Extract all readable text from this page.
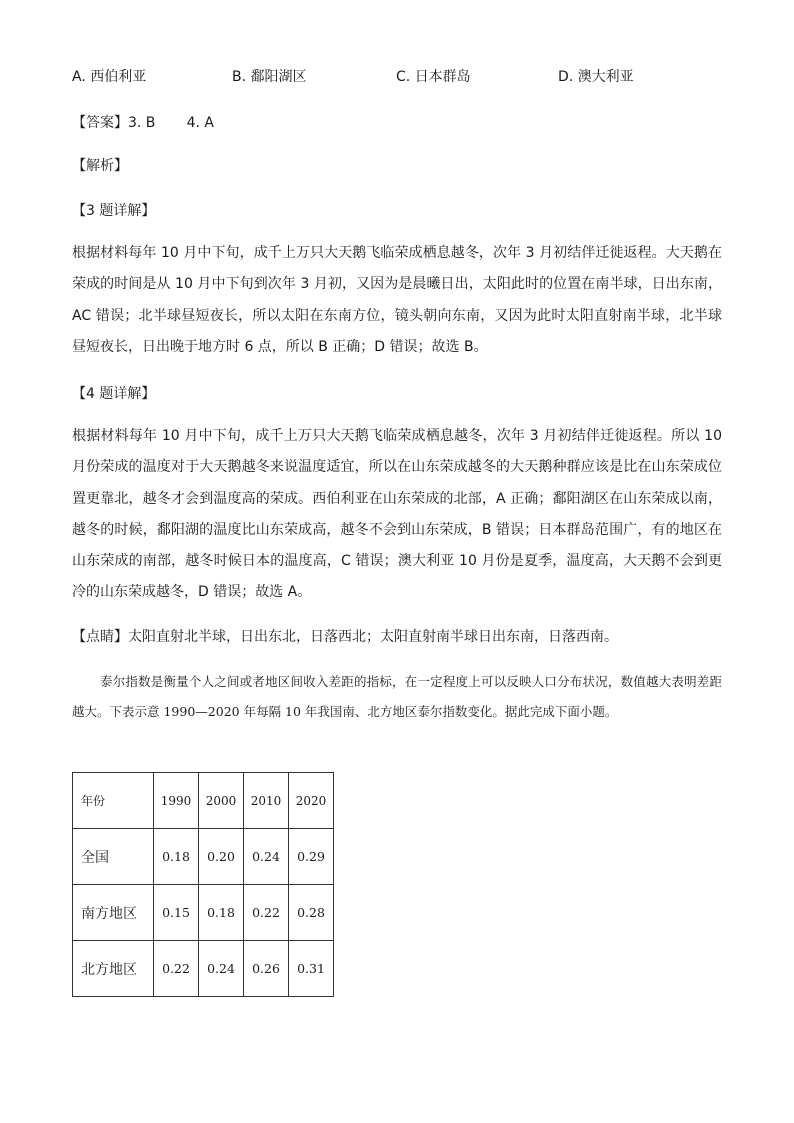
A. 西伯利亚	B. 鄱阳湖区	C. 日本群岛	D. 澳大利亚

【答案】3. B       4. A

【解析】

【3 题详解】

根据材料每年 10 月中下旬，成千上万只大天鹅飞临荣成栖息越冬，次年 3 月初结伴迁徙返程。大天鹅在荣成的时间是从 10 月中下旬到次年 3 月初，又因为是晨曦日出，太阳此时的位置在南半球，日出东南，AC 错误；北半球昼短夜长，所以太阳在东南方位，镜头朝向东南，又因为此时太阳直射南半球，北半球昼短夜长，日出晚于地方时 6 点，所以 B 正确；D 错误；故选 B。

【4 题详解】

根据材料每年 10 月中下旬，成千上万只大天鹅飞临荣成栖息越冬，次年 3 月初结伴迁徙返程。所以 10 月份荣成的温度对于大天鹅越冬来说温度适宜，所以在山东荣成越冬的大天鹅种群应该是比在山东荣成位置更靠北，越冬才会到温度高的荣成。西伯利亚在山东荣成的北部，A 正确；鄱阳湖区在山东荣成以南，越冬的时候，鄱阳湖的温度比山东荣成高，越冬不会到山东荣成，B 错误；日本群岛范围广，有的地区在山东荣成的南部，越冬时候日本的温度高，C 错误；澳大利亚 10 月份是夏季，温度高，大天鹅不会到更冷的山东荣成越冬，D 错误；故选 A。

【点睛】太阳直射北半球，日出东北，日落西北；太阳直射南半球日出东南，日落西南。

泰尔指数是衡量个人之间或者地区间收入差距的指标，在一定程度上可以反映人口分布状况，数值越大表明差距越大。下表示意 1990—2020 年每隔 10 年我国南、北方地区泰尔指数变化。据此完成下面小题。

年份	1990	2000	2010	2020
全国	0.18	0.20	0.24	0.29
南方地区	0.15	0.18	0.22	0.28
北方地区	0.22	0.24	0.26	0.31
